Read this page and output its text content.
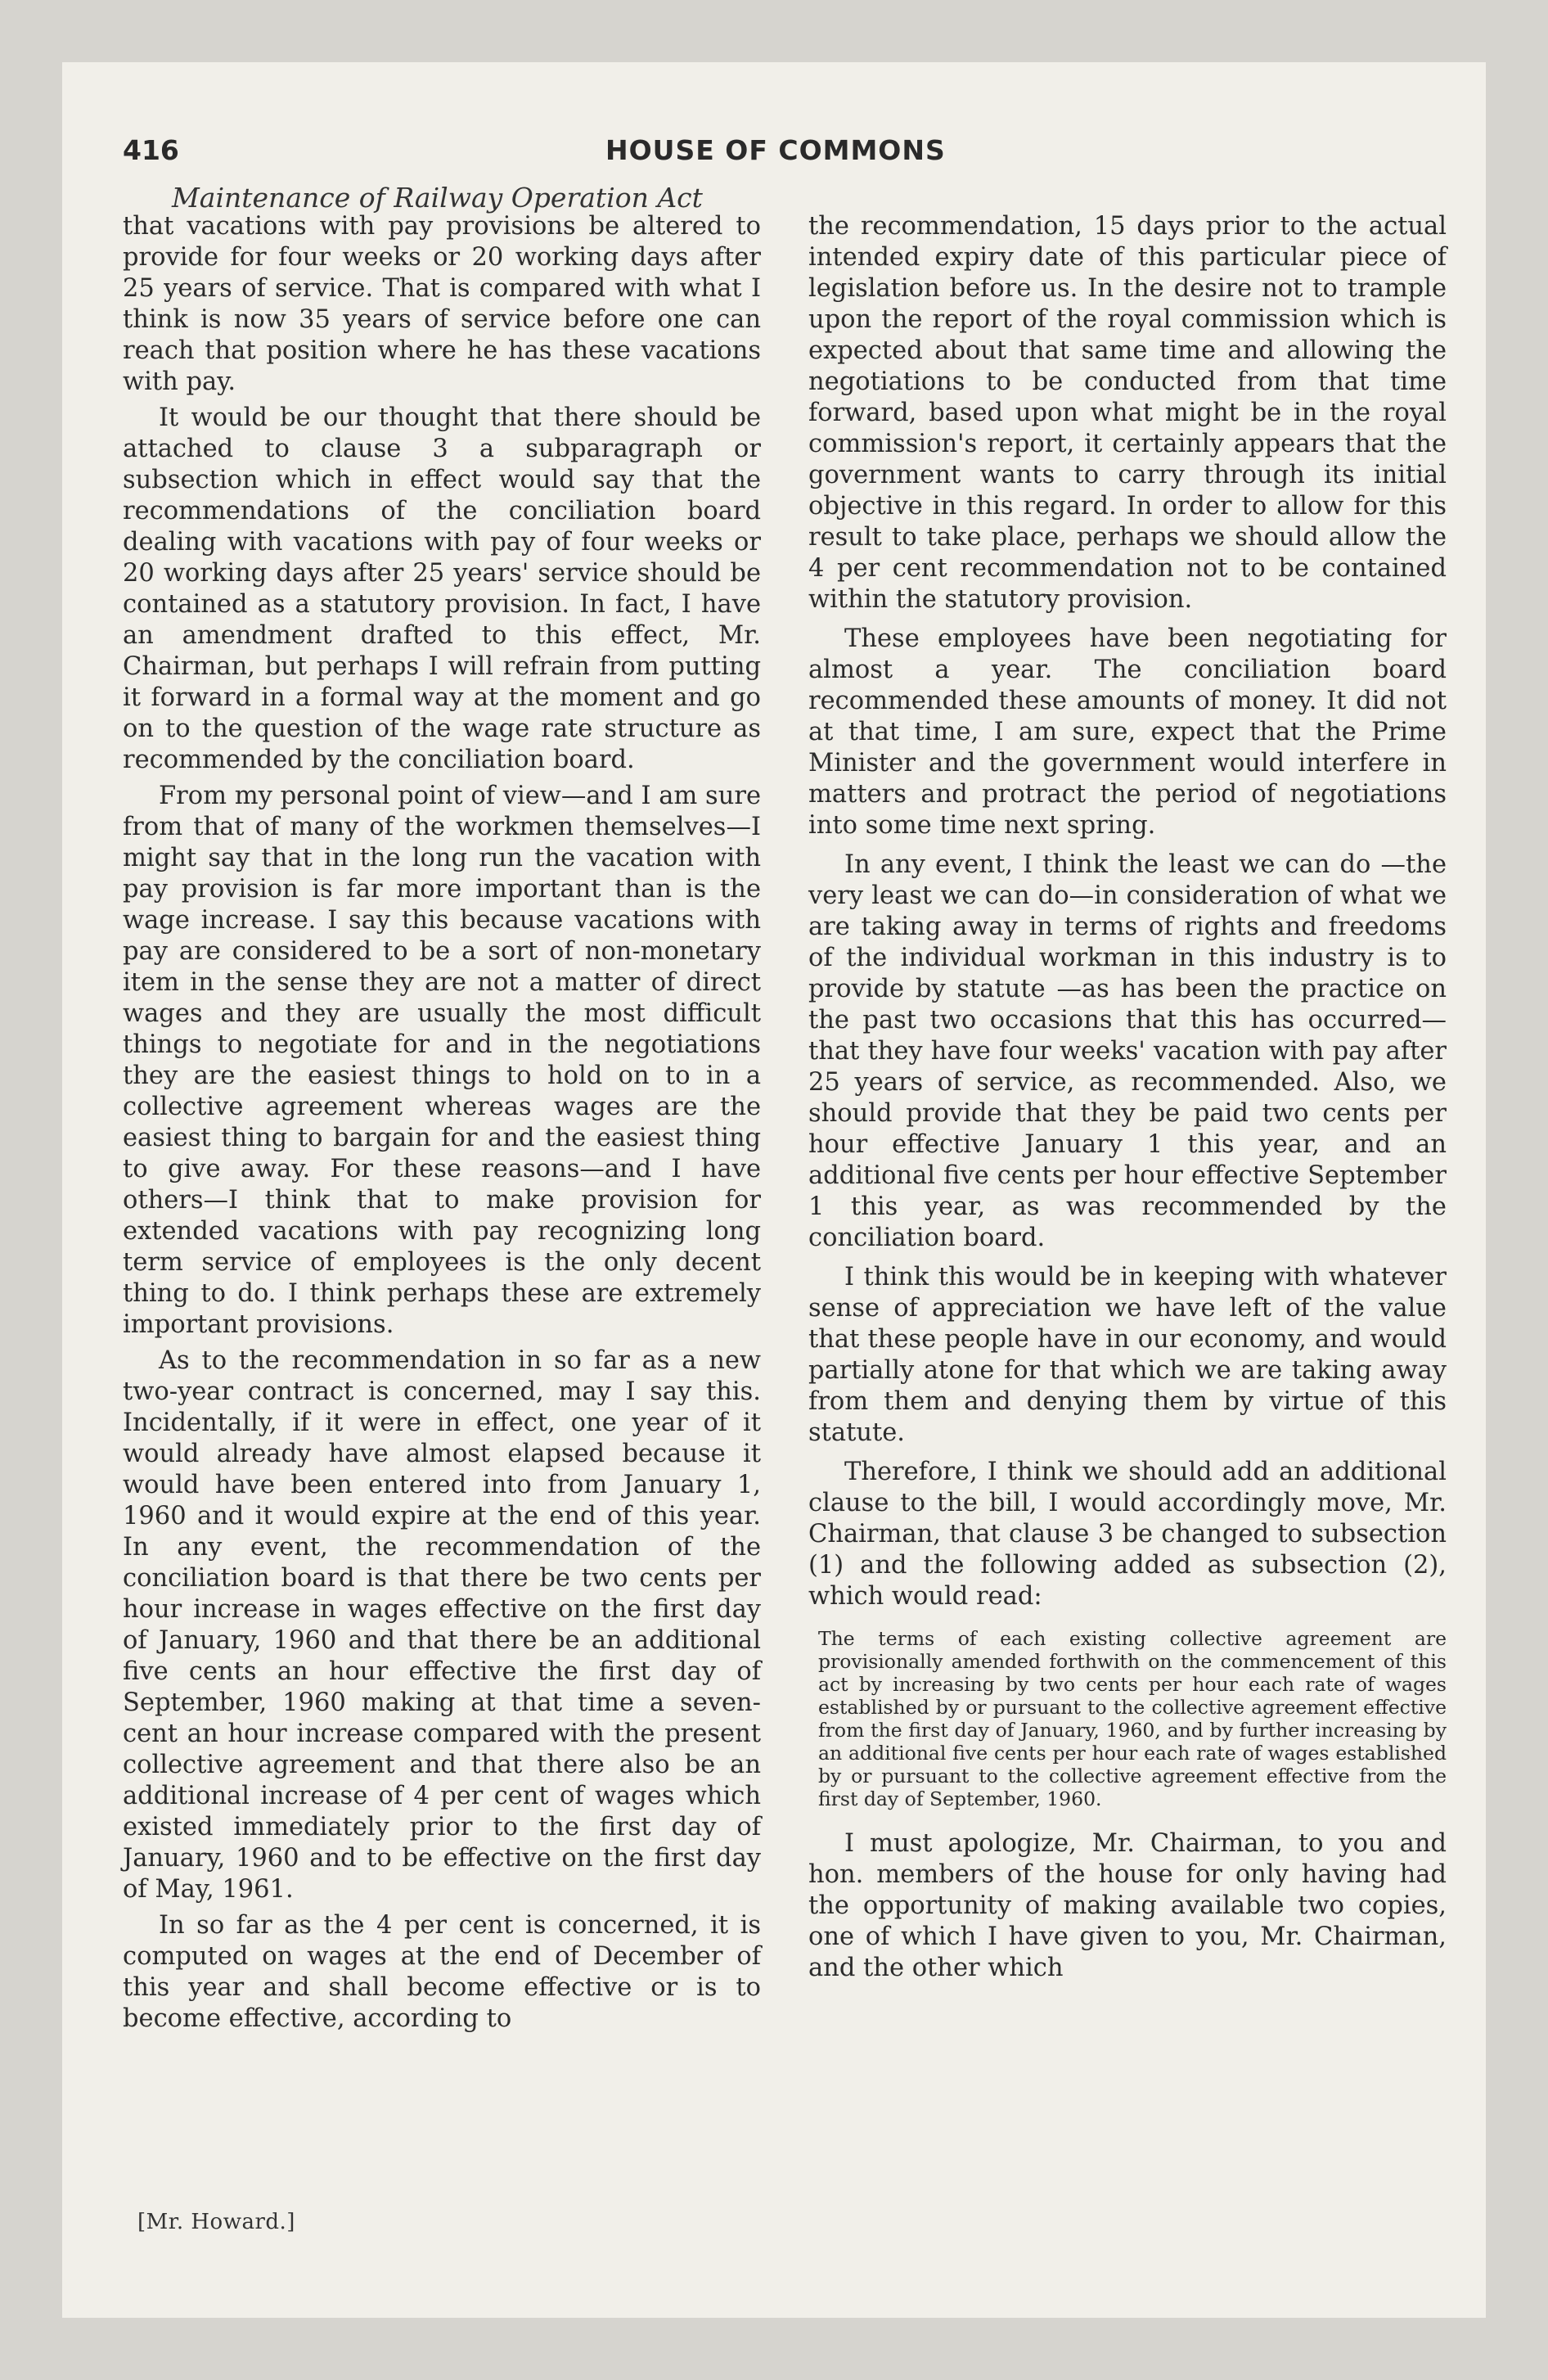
416	HOUSE OF COMMONS
Maintenance of Railway Operation Act

that vacations with pay provisions be altered to provide for four weeks or 20 working days after 25 years of service. That is compared with what I think is now 35 years of service before one can reach that position where he has these vacations with pay.

It would be our thought that there should be attached to clause 3 a subparagraph or subsection which in effect would say that the recommendations of the conciliation board dealing with vacations with pay of four weeks or 20 working days after 25 years' service should be contained as a statutory provision. In fact, I have an amendment drafted to this effect, Mr. Chairman, but perhaps I will refrain from putting it forward in a formal way at the moment and go on to the question of the wage rate structure as recommended by the conciliation board.

From my personal point of view—and I am sure from that of many of the workmen themselves—I might say that in the long run the vacation with pay provision is far more important than is the wage increase. I say this because vacations with pay are considered to be a sort of non-monetary item in the sense they are not a matter of direct wages and they are usually the most difficult things to negotiate for and in the negotiations they are the easiest things to hold on to in a collective agreement whereas wages are the easiest thing to bargain for and the easiest thing to give away. For these reasons—and I have others—I think that to make provision for extended vacations with pay recognizing long term service of employees is the only decent thing to do. I think perhaps these are extremely important provisions.

As to the recommendation in so far as a new two-year contract is concerned, may I say this. Incidentally, if it were in effect, one year of it would already have almost elapsed because it would have been entered into from January 1, 1960 and it would expire at the end of this year. In any event, the recommendation of the conciliation board is that there be two cents per hour increase in wages effective on the first day of January, 1960 and that there be an additional five cents an hour effective the first day of September, 1960 making at that time a seven-cent an hour increase compared with the present collective agreement and that there also be an additional increase of 4 per cent of wages which existed immediately prior to the first day of January, 1960 and to be effective on the first day of May, 1961.

In so far as the 4 per cent is concerned, it is computed on wages at the end of December of this year and shall become effective or is to become effective, according to

the recommendation, 15 days prior to the actual intended expiry date of this particular piece of legislation before us. In the desire not to trample upon the report of the royal commission which is expected about that same time and allowing the negotiations to be conducted from that time forward, based upon what might be in the royal commission's report, it certainly appears that the government wants to carry through its initial objective in this regard. In order to allow for this result to take place, perhaps we should allow the 4 per cent recommendation not to be contained within the statutory provision.

These employees have been negotiating for almost a year. The conciliation board recommended these amounts of money. It did not at that time, I am sure, expect that the Prime Minister and the government would interfere in matters and protract the period of negotiations into some time next spring.

In any event, I think the least we can do —the very least we can do—in consideration of what we are taking away in terms of rights and freedoms of the individual workman in this industry is to provide by statute —as has been the practice on the past two occasions that this has occurred—that they have four weeks' vacation with pay after 25 years of service, as recommended. Also, we should provide that they be paid two cents per hour effective January 1 this year, and an additional five cents per hour effective September 1 this year, as was recommended by the conciliation board.

I think this would be in keeping with whatever sense of appreciation we have left of the value that these people have in our economy, and would partially atone for that which we are taking away from them and denying them by virtue of this statute.

Therefore, I think we should add an additional clause to the bill, I would accordingly move, Mr. Chairman, that clause 3 be changed to subsection (1) and the following added as subsection (2), which would read:

The terms of each existing collective agreement are provisionally amended forthwith on the commencement of this act by increasing by two cents per hour each rate of wages established by or pursuant to the collective agreement effective from the first day of January, 1960, and by further increasing by an additional five cents per hour each rate of wages established by or pursuant to the collective agreement effective from the first day of September, 1960.

I must apologize, Mr. Chairman, to you and hon. members of the house for only having had the opportunity of making available two copies, one of which I have given to you, Mr. Chairman, and the other which

[Mr. Howard.]
